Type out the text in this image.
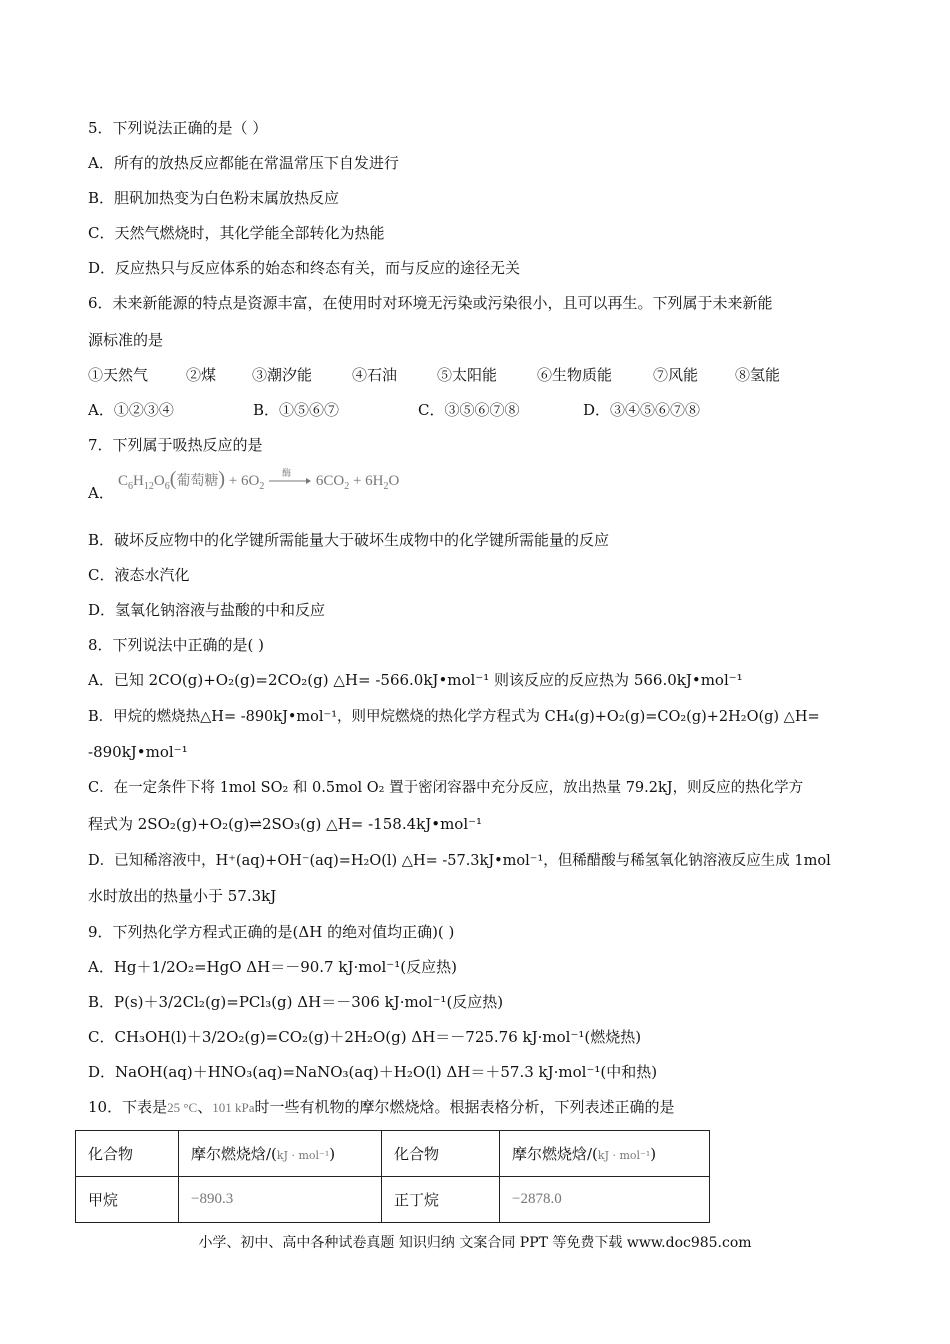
5．下列说法正确的是（ ）
A．所有的放热反应都能在常温常压下自发进行
B．胆矾加热变为白色粉末属放热反应
C．天然气燃烧时，其化学能全部转化为热能
D．反应热只与反应体系的始态和终态有关，而与反应的途径无关
6．未来新能源的特点是资源丰富，在使用时对环境无污染或污染很小，且可以再生。下列属于未来新能
源标准的是
①天然气	②煤 ③潮汐能	④石油	⑤太阳能	⑥生物质能	⑦风能 ⑧氢能
A．①②③④	B．①⑤⑥⑦	C．③⑤⑥⑦⑧	D．③④⑤⑥⑦⑧
7．下列属于吸热反应的是
A．
$C_6H_{12}O_6$(葡萄糖) + $6O_2$
酶
$6CO_2 + 6H_2O$
B．破坏反应物中的化学键所需能量大于破坏生成物中的化学键所需能量的反应
C．液态水汽化
D．氢氧化钠溶液与盐酸的中和反应
8．下列说法中正确的是( )
A．已知 2CO(g)+O₂(g)=2CO₂(g) △H= -566.0kJ•mol⁻¹ 则该反应的反应热为 566.0kJ•mol⁻¹
B．甲烷的燃烧热△H= -890kJ•mol⁻¹，则甲烷燃烧的热化学方程式为 CH₄(g)+O₂(g)=CO₂(g)+2H₂O(g) △H=
-890kJ•mol⁻¹
C．在一定条件下将 1mol SO₂ 和 0.5mol O₂ 置于密闭容器中充分反应，放出热量 79.2kJ，则反应的热化学方
程式为 2SO₂(g)+O₂(g)⇌2SO₃(g) △H= -158.4kJ•mol⁻¹
D．已知稀溶液中，H⁺(aq)+OH⁻(aq)=H₂O(l) △H= -57.3kJ•mol⁻¹，但稀醋酸与稀氢氧化钠溶液反应生成 1mol
水时放出的热量小于 57.3kJ
9．下列热化学方程式正确的是(ΔH 的绝对值均正确)( )
A．Hg＋1/2O₂=HgO ΔH＝－90.7 kJ·mol⁻¹(反应热)
B．P(s)＋3/2Cl₂(g)=PCl₃(g) ΔH＝－306 kJ·mol⁻¹(反应热)
C．CH₃OH(l)＋3/2O₂(g)=CO₂(g)＋2H₂O(g) ΔH＝－725.76 kJ·mol⁻¹(燃烧热)
D．NaOH(aq)＋HNO₃(aq)=NaNO₃(aq)＋H₂O(l) ΔH＝＋57.3 kJ·mol⁻¹(中和热)
10．下表是25 °C、101 kPa时一些有机物的摩尔燃烧焓。根据表格分析，下列表述正确的是
化合物	摩尔燃烧焓/(kJ · mol⁻¹)	化合物	摩尔燃烧焓/(kJ · mol⁻¹)
甲烷	−890.3	正丁烷	−2878.0
小学、初中、高中各种试卷真题 知识归纳 文案合同 PPT 等免费下载 www.doc985.com
